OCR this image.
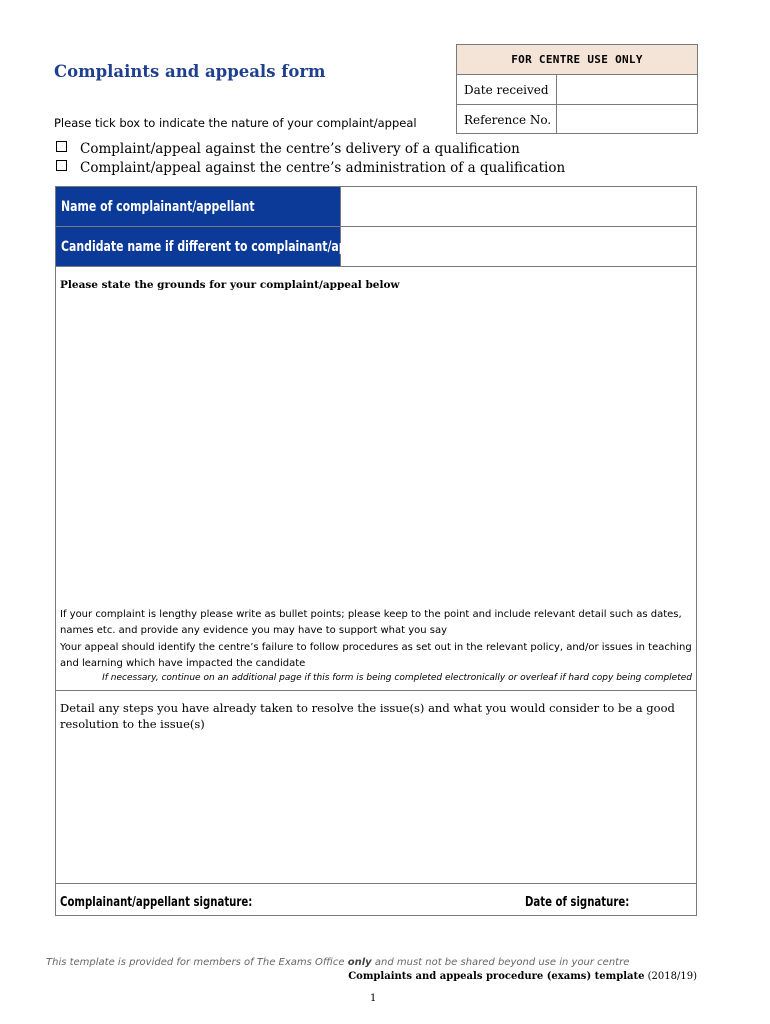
FOR CENTRE USE ONLY
Date received
Reference No.
Complaints and appeals form
Please tick box to indicate the nature of your complaint/appeal
Complaint/appeal against the centre’s delivery of a qualification
Complaint/appeal against the centre’s administration of a qualification
Name of complainant/appellant
Candidate name if different to complainant/appellant
Please state the grounds for your complaint/appeal below
If your complaint is lengthy please write as bullet points; please keep to the point and include relevant detail such as dates, names etc. and provide any evidence you may have to support what you say
Your appeal should identify the centre’s failure to follow procedures as set out in the relevant policy, and/or issues in teaching and learning which have impacted the candidate
If necessary, continue on an additional page if this form is being completed electronically or overleaf if hard copy being completed
Detail any steps you have already taken to resolve the issue(s) and what you would consider to be a good resolution to the issue(s)
Complainant/appellant signature:	Date of signature:
This template is provided for members of The Exams Office only and must not be shared beyond use in your centre
Complaints and appeals procedure (exams) template (2018/19)
1
